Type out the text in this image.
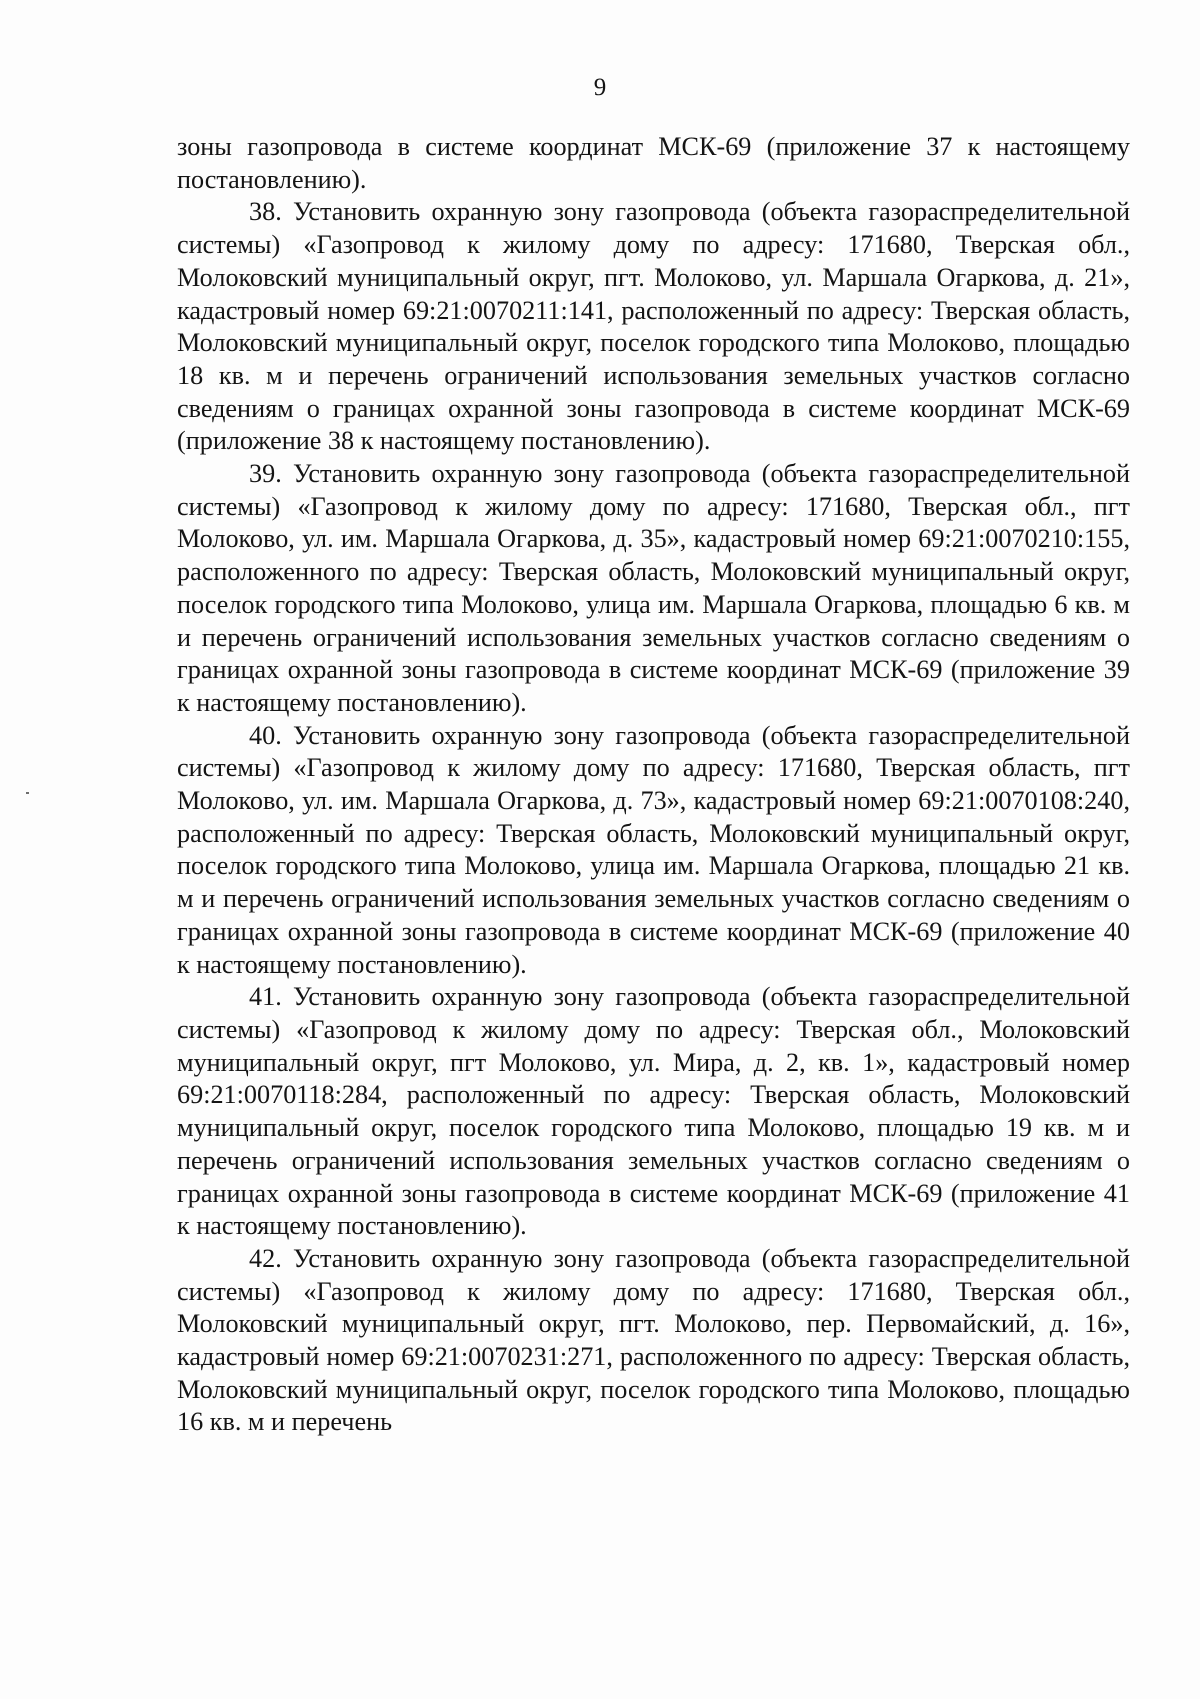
9

зоны газопровода в системе координат МСК-69 (приложение 37 к настоящему постановлению).

38. Установить охранную зону газопровода (объекта газораспределительной системы) «Газопровод к жилому дому по адресу: 171680, Тверская обл., Молоковский муниципальный округ, пгт. Молоково, ул. Маршала Огаркова, д. 21», кадастровый номер 69:21:0070211:141, расположенный по адресу: Тверская область, Молоковский муниципальный округ, поселок городского типа Молоково, площадью 18 кв. м и перечень ограничений использования земельных участков согласно сведениям о границах охранной зоны газопровода в системе координат МСК-69 (приложение 38 к настоящему постановлению).

39. Установить охранную зону газопровода (объекта газораспределительной системы) «Газопровод к жилому дому по адресу: 171680, Тверская обл., пгт Молоково, ул. им. Маршала Огаркова, д. 35», кадастровый номер 69:21:0070210:155, расположенного по адресу: Тверская область, Молоковский муниципальный округ, поселок городского типа Молоково, улица им. Маршала Огаркова, площадью 6 кв. м и перечень ограничений использования земельных участков согласно сведениям о границах охранной зоны газопровода в системе координат МСК-69 (приложение 39 к настоящему постановлению).

40. Установить охранную зону газопровода (объекта газораспределительной системы) «Газопровод к жилому дому по адресу: 171680, Тверская область, пгт Молоково, ул. им. Маршала Огаркова, д. 73», кадастровый номер 69:21:0070108:240, расположенный по адресу: Тверская область, Молоковский муниципальный округ, поселок городского типа Молоково, улица им. Маршала Огаркова, площадью 21 кв. м и перечень ограничений использования земельных участков согласно сведениям о границах охранной зоны газопровода в системе координат МСК-69 (приложение 40 к настоящему постановлению).

41. Установить охранную зону газопровода (объекта газораспределительной системы) «Газопровод к жилому дому по адресу: Тверская обл., Молоковский муниципальный округ, пгт Молоково, ул. Мира, д. 2, кв. 1», кадастровый номер 69:21:0070118:284, расположенный по адресу: Тверская область, Молоковский муниципальный округ, поселок городского типа Молоково, площадью 19 кв. м и перечень ограничений использования земельных участков согласно сведениям о границах охранной зоны газопровода в системе координат МСК-69 (приложение 41 к настоящему постановлению).

42. Установить охранную зону газопровода (объекта газораспределительной системы) «Газопровод к жилому дому по адресу: 171680, Тверская обл., Молоковский муниципальный округ, пгт. Молоково, пер. Первомайский, д. 16», кадастровый номер 69:21:0070231:271, расположенного по адресу: Тверская область, Молоковский муниципальный округ, поселок городского типа Молоково, площадью 16 кв. м и перечень
